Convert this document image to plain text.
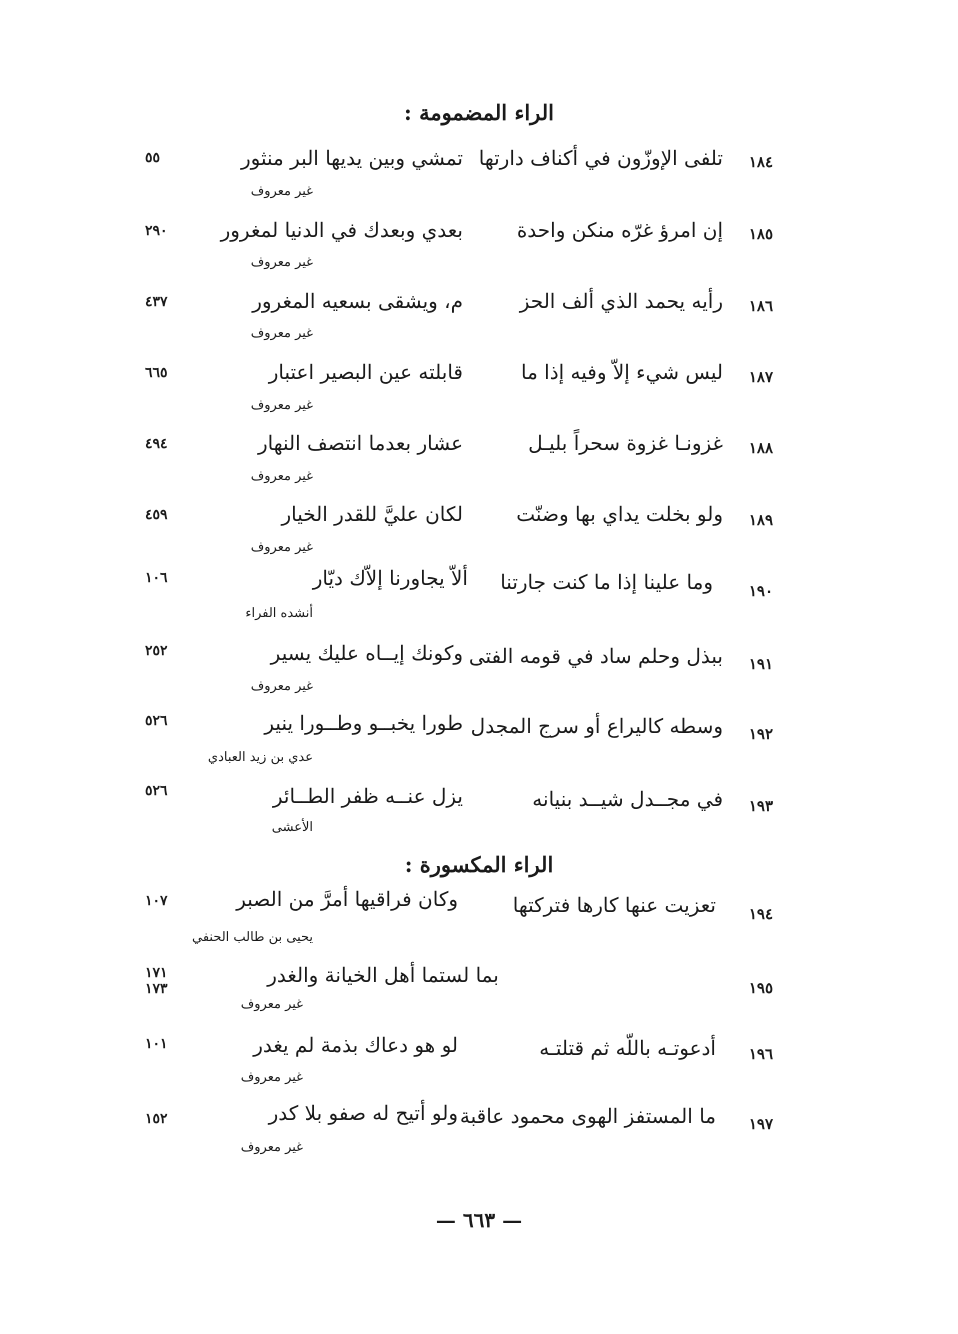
الراء المضمومة :
١٨٤
تلفى الإوزّون في أكناف دارتها
تمشي وبين يديها البر منثور
غير معروف
٥٥
١٨٥
إن امرؤ غرّه منكن واحدة
بعدي وبعدك في الدنيا لمغرور
غير معروف
٢٩٠
١٨٦
رأيه يحمد الذي ألف الحز
م، ويشقى بسعيه المغرور
غير معروف
٤٣٧
١٨٧
ليس شيء إلاّ وفيه إذا ما
قابلته عين البصير اعتبار
غير معروف
٦٦٥
١٨٨
غزونـا غزوة سحراً بليـل
عشار بعدما انتصف النهار
غير معروف
٤٩٤
١٨٩
ولو بخلت يداي بها وضنّت
لكان عليَّ للقدر الخيار
غير معروف
٤٥٩
١٩٠
وما علينا إذا ما كنت جارتنا
ألاّ يجاورنا إلاّك ديّار
أنشده الفراء
١٠٦
١٩١
ببذل وحلم ساد في قومه الفتى
وكونك إيــاه عليك يسير
غير معروف
٢٥٢
١٩٢
وسطه كاليراع أو سرج المجدل
طورا يخبــو وطــورا ينير
عدي بن زيد العبادي
٥٢٦
١٩٣
في مجــدل شيــد بنيانه
يزل عنــه ظفر الطــائر
الأعشى
٥٢٦
الراء المكسورة :
١٩٤
تعزيت عنها كارها فتركتها
وكان فراقيها أمرَّ من الصبر
يحيى بن طالب الحنفي
١٠٧
١٩٥
بما لستما أهل الخيانة والغدر
غير معروف
١٧١
١٧٣
١٩٦
أدعوتـه باللّه ثم قتلتـه
لو هو دعاك بذمة لم يغدر
غير معروف
١٠١
١٩٧
ما المستفز الهوى محمود عاقبة
ولو أتيح له صفو بلا كدر
غير معروف
١٥٢
— ٦٦٣ —
